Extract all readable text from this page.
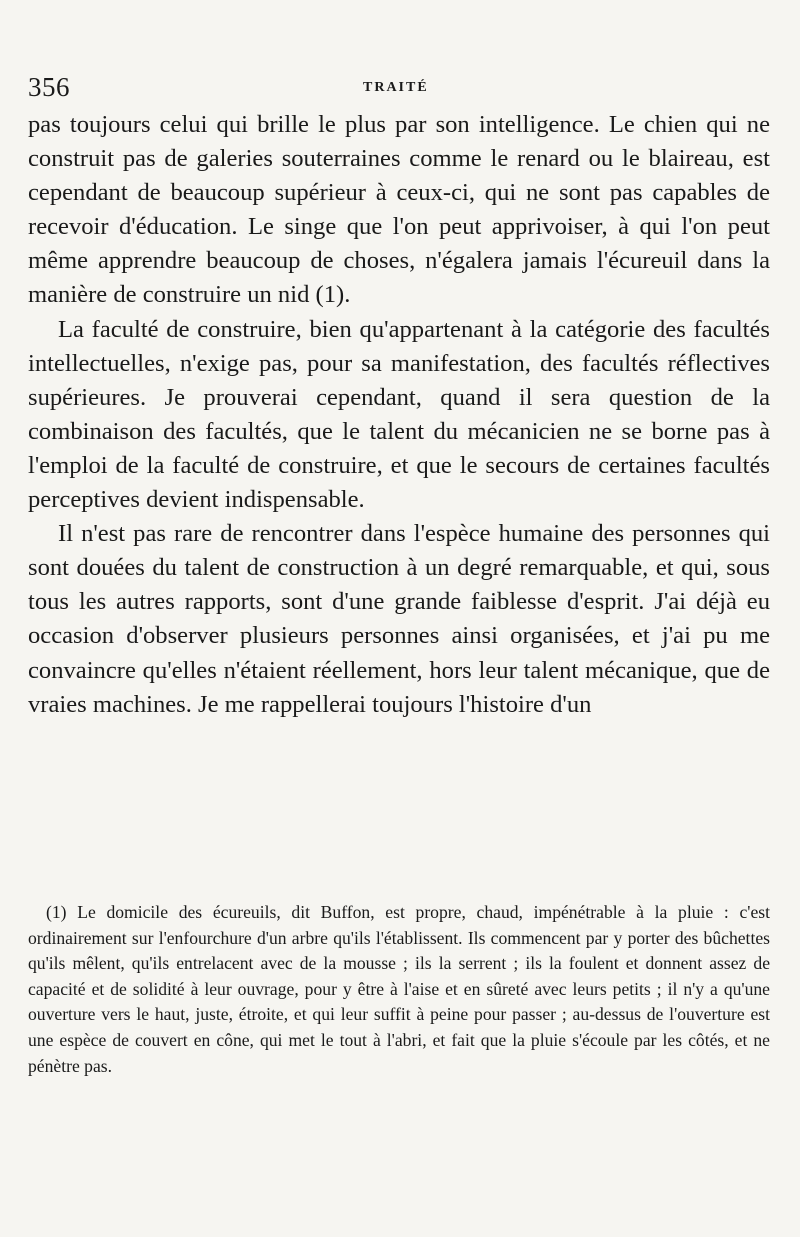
356	TRAITÉ

pas toujours celui qui brille le plus par son intelligence. Le chien qui ne construit pas de galeries souterraines comme le renard ou le blaireau, est cependant de beaucoup supérieur à ceux-ci, qui ne sont pas capables de recevoir d'éducation. Le singe que l'on peut apprivoiser, à qui l'on peut même apprendre beaucoup de choses, n'égalera jamais l'écureuil dans la manière de construire un nid (1).

La faculté de construire, bien qu'appartenant à la catégorie des facultés intellectuelles, n'exige pas, pour sa manifestation, des facultés réflectives supérieures. Je prouverai cependant, quand il sera question de la combinaison des facultés, que le talent du mécanicien ne se borne pas à l'emploi de la faculté de construire, et que le secours de certaines facultés perceptives devient indispensable.

Il n'est pas rare de rencontrer dans l'espèce humaine des personnes qui sont douées du talent de construction à un degré remarquable, et qui, sous tous les autres rapports, sont d'une grande faiblesse d'esprit. J'ai déjà eu occasion d'observer plusieurs personnes ainsi organisées, et j'ai pu me convaincre qu'elles n'étaient réellement, hors leur talent mécanique, que de vraies machines. Je me rappellerai toujours l'histoire d'un

(1) Le domicile des écureuils, dit Buffon, est propre, chaud, impénétrable à la pluie : c'est ordinairement sur l'enfourchure d'un arbre qu'ils l'établissent. Ils commencent par y porter des bûchettes qu'ils mêlent, qu'ils entrelacent avec de la mousse ; ils la serrent ; ils la foulent et donnent assez de capacité et de solidité à leur ouvrage, pour y être à l'aise et en sûreté avec leurs petits ; il n'y a qu'une ouverture vers le haut, juste, étroite, et qui leur suffit à peine pour passer ; au-dessus de l'ouverture est une espèce de couvert en cône, qui met le tout à l'abri, et fait que la pluie s'écoule par les côtés, et ne pénètre pas.
